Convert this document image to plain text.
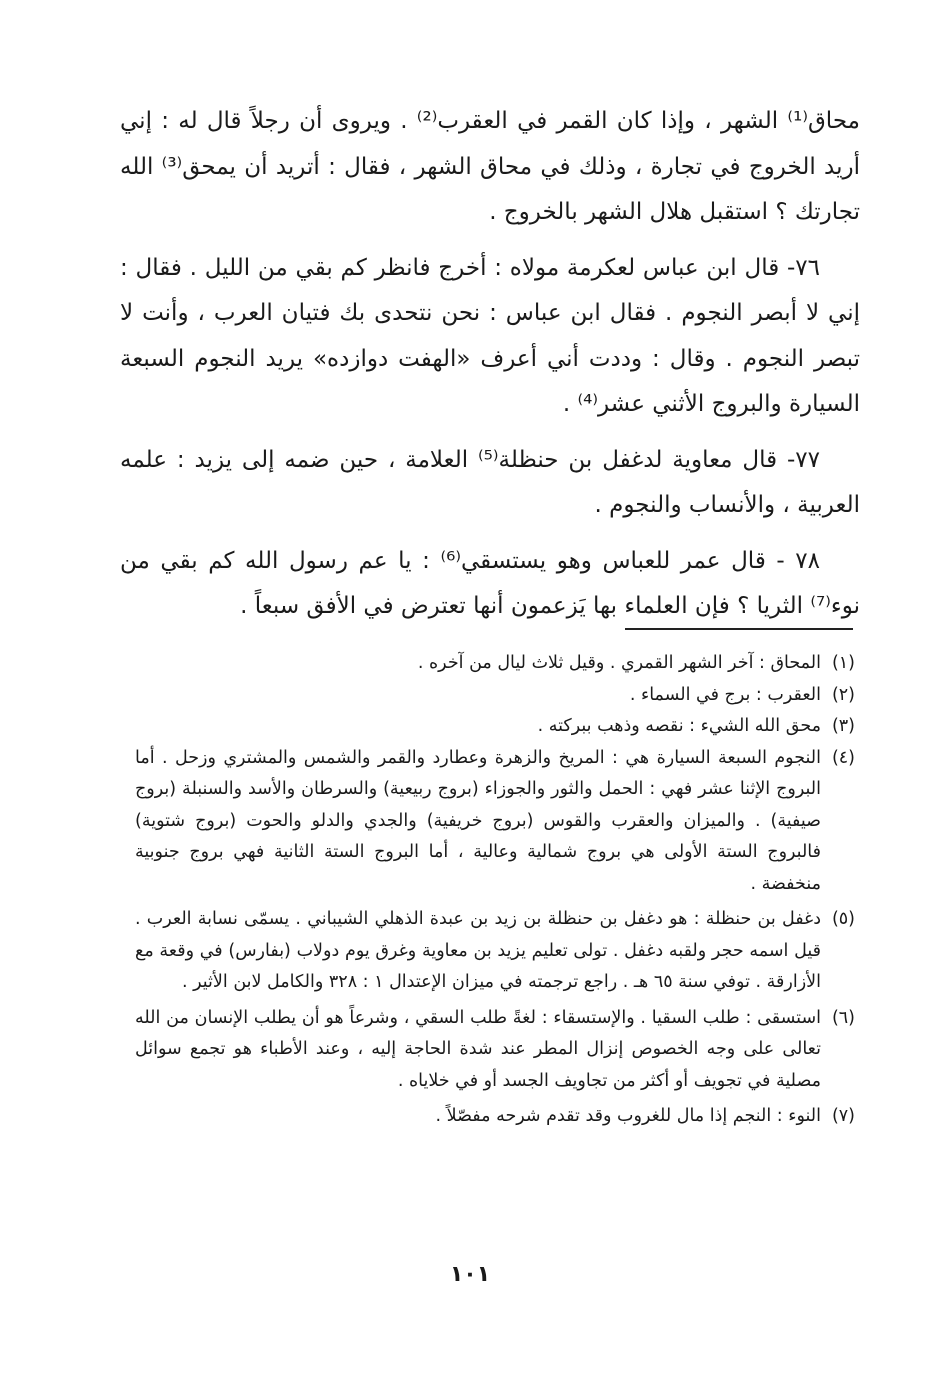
محاق⁽¹⁾ الشهر ، وإذا كان القمر في العقرب⁽²⁾ . ويروى أن رجلاً قال له : إني أريد الخروج في تجارة ، وذلك في محاق الشهر ، فقال : أتريد أن يمحق⁽³⁾ الله تجارتك ؟ استقبل هلال الشهر بالخروج .

٧٦- قال ابن عباس لعكرمة مولاه : أخرج فانظر كم بقي من الليل . فقال : إني لا أبصر النجوم . فقال ابن عباس : نحن نتحدى بك فتيان العرب ، وأنت لا تبصر النجوم . وقال : وددت أني أعرف «الهفت دوازده» يريد النجوم السبعة السيارة والبروج الأثني عشر⁽⁴⁾ .

٧٧- قال معاوية لدغفل بن حنظلة⁽⁵⁾ العلامة ، حين ضمه إلى يزيد : علمه العربية ، والأنساب والنجوم .

٧٨ - قال عمر للعباس وهو يستسقي⁽⁶⁾ : يا عم رسول الله كم بقي من نوء⁽⁷⁾ الثريا ؟ فإن العلماء بها يَزعمون أنها تعترض في الأفق سبعاً .

(١)
المحاق : آخر الشهر القمري . وقيل ثلاث ليال من آخره .
(٢)
العقرب : برج في السماء .
(٣)
محق الله الشيء : نقصه وذهب ببركته .
(٤)
النجوم السبعة السيارة هي : المريخ والزهرة وعطارد والقمر والشمس والمشتري وزحل . أما البروج الإثنا عشر فهي : الحمل والثور والجوزاء (بروج ربيعية) والسرطان والأسد والسنبلة (بروج صيفية) . والميزان والعقرب والقوس (بروج خريفية) والجدي والدلو والحوت (بروج شتوية) فالبروج الستة الأولى هي بروج شمالية وعالية ، أما البروج الستة الثانية فهي بروج جنوبية منخفضة .
(٥)
دغفل بن حنظلة : هو دغفل بن حنظلة بن زيد بن عبدة الذهلي الشيباني . يسمّى نسابة العرب . قيل اسمه حجر ولقبه دغفل . تولى تعليم يزيد بن معاوية وغرق يوم دولاب (بفارس) في وقعة مع الأزارقة . توفي سنة ٦٥ هـ . راجع ترجمته في ميزان الإعتدال ١ : ٣٢٨ والكامل لابن الأثير .
(٦)
استسقى : طلب السقيا . والإستسقاء : لغةً طلب السقي ، وشرعاً هو أن يطلب الإنسان من الله تعالى على وجه الخصوص إنزال المطر عند شدة الحاجة إليه ، وعند الأطباء هو تجمع سوائل مصلية في تجويف أو أكثر من تجاويف الجسد أو في خلاياه .
(٧)
النوء : النجم إذا مال للغروب وقد تقدم شرحه مفصّلاً .
١٠١
